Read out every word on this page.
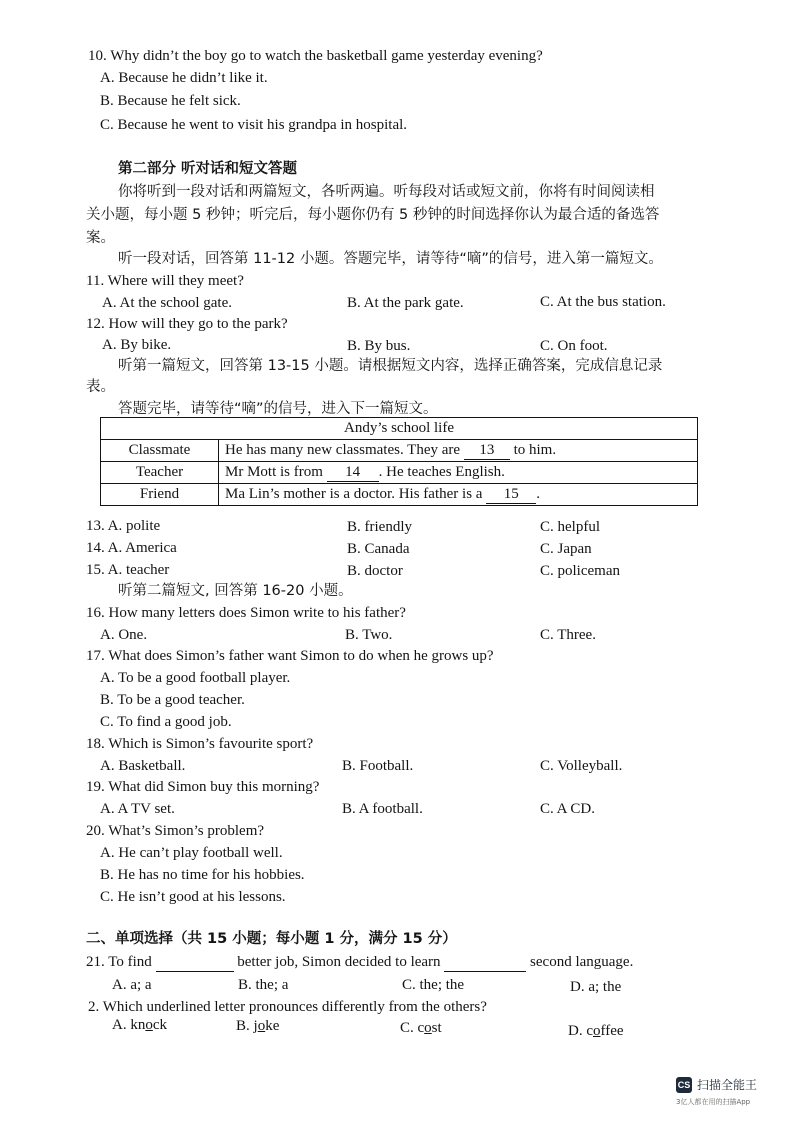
10. Why didn’t the boy go to watch the basketball game yesterday evening?
A. Because he didn’t like it.
B. Because he felt sick.
C. Because he went to visit his grandpa in hospital.
第二部分 听对话和短文答题
你将听到一段对话和两篇短文，各听两遍。听每段对话或短文前，你将有时间阅读相
关小题，每小题 5 秒钟；听完后，每小题你仍有 5 秒钟的时间选择你认为最合适的备选答
案。
听一段对话，回答第 11-12 小题。答题完毕，请等待“嘀”的信号，进入第一篇短文。
11. Where will they meet?
A. At the school gate.	B. At the park gate.	C. At the bus station.
12. How will they go to the park?
A. By bike.	B. By bus.	C. On foot.
听第一篇短文，回答第 13-15 小题。请根据短文内容，选择正确答案，完成信息记录
表。
答题完毕，请等待“嘀”的信号，进入下一篇短文。
Andy’s school life	
Classmate	He has many new classmates. They are 13 to him.
Teacher	Mr Mott is from 14 . He teaches English.
Friend	Ma Lin’s mother is a doctor. His father is a 15 .
13. A. polite	B. friendly	C. helpful
14. A. America	B. Canada	C. Japan
15. A. teacher	B. doctor	C. policeman
听第二篇短文, 回答第 16-20 小题。
16. How many letters does Simon write to his father?
A. One.	B. Two.	C. Three.
17. What does Simon’s father want Simon to do when he grows up?
A. To be a good football player.
B. To be a good teacher.
C. To find a good job.
18. Which is Simon’s favourite sport?
A. Basketball.	B. Football.	C. Volleyball.
19. What did Simon buy this morning?
A. A TV set.	B. A football.	C. A CD.
20. What’s Simon’s problem?
A. He can’t play football well.
B. He has no time for his hobbies.
C. He isn’t good at his lessons.
二、单项选择（共 15 小题；每小题 1 分，满分 15 分）
21. To find	better job, Simon decided to learn	second language.
A. a; a	B. the; a	C. the; the	D. a; the
2. Which underlined letter pronounces differently from the others?
A. knock	B. joke	C. cost	D. coffee
CS 扫描全能王
3亿人都在用的扫描App
